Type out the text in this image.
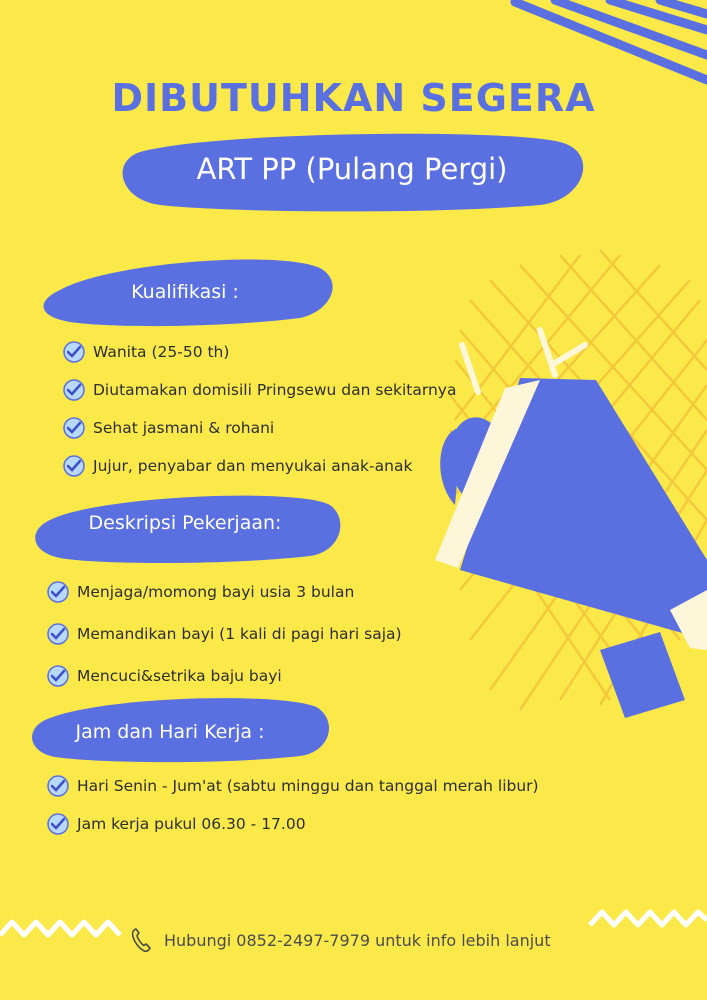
DIBUTUHKAN SEGERA
ART PP (Pulang Pergi)
Kualifikasi :
Wanita (25-50 th)
Diutamakan domisili Pringsewu dan sekitarnya
Sehat jasmani & rohani
Jujur, penyabar dan menyukai anak-anak
Deskripsi Pekerjaan:
Menjaga/momong bayi usia 3 bulan
Memandikan bayi (1 kali di pagi hari saja)
Mencuci&setrika baju bayi
Jam dan Hari Kerja :
Hari Senin - Jum'at (sabtu minggu dan tanggal merah libur)
Jam kerja pukul 06.30 - 17.00
Hubungi 0852-2497-7979 untuk info lebih lanjut
